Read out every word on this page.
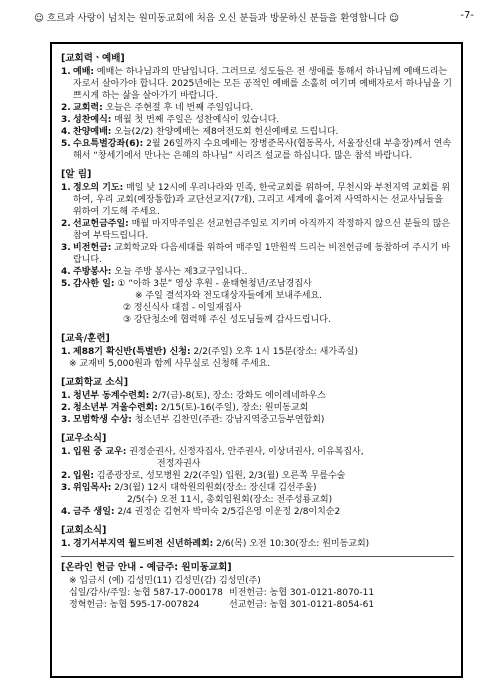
☺ 흐르과 사랑이 넘치는 원미동교회에 처음 오신 분들과 방문하신 분들을 환영합니다 ☺	-7-
[교회력ㆍ예배]
1. 예배: 예배는 하나님과의 만남입니다. 그러므로 성도들은 전 생애를 통해서 하나님께 예배드리는 자로서 살아가야 합니다. 2025년에는 모든 공적인 예배를 소홀히 여기며 예배자로서 하나님을 기쁘시게 하는 삶을 살아가기 바랍니다.
2. 교회력: 오늘은 주현절 후 네 번째 주일입니다.
3. 성찬예식: 매월 첫 번째 주일은 성찬예식이 있습니다.
4. 찬양예배: 오늘(2/2) 찬양예배는 제8여전도회 헌신예배로 드립니다.
5. 수요특별강좌(6): 2월 26일까지 수요예배는 장병준목사(협동목사, 서울장신대 부총장)께서 연속해서 “창세기에서 만나는 은혜의 하나님” 시리즈 설교를 하십니다. 많은 참석 바랍니다.
[알 림]
1. 정오의 기도: 매일 낮 12시에 우리나라와 민족, 한국교회를 위하여, 무천시와 부천지역 교회를 위하여, 우리 교회(예장통합)과 교단선교지(7개), 그리고 세계에 흩어져 사역하시는 선교사님들을 위하여 기도해 주세요.
2. 선교헌금주일: 매월 마지막주일은 선교헌금주일로 지키며 아직까지 작정하지 않으신 분들의 많은 참여 부탁드립니다.
3. 비전헌금: 교회학교와 다음세대를 위하여 매주일 1만원씩 드리는 비전헌금에 동참하여 주시기 바랍니다.
4. 주방봉사: 오늘 주방 봉사는 제3교구입니다..
5. 감사한 일: ① “아하 3분” 영상 후원 - 윤태현청년/조남경집사
※ 주일 결석자와 전도대상자들에게 보내주세요.
② 정신식사 대접 - 이일재집사
③ 강단청소에 협력해 주신 성도님들께 감사드립니다.
[교육/훈련]
1. 제88기 확신반(특별반) 신청: 2/2(주일) 오후 1시 15분(장소: 새가족실)
※ 교재비 5,000원과 함께 사무실로 신청해 주세요.
[교회학교 소식]
1. 청년부 동계수련회: 2/7(금)-8(토), 장소: 강화도 에이레네하우스
2. 청소년부 겨울수련회: 2/15(토)-16(주일), 장소: 원미동교회
3. 모범학생 수상: 청소년부 김찬민(주관: 강남지역중고등부연합회)
[교우소식]
1. 입원 중 교우: 권정순권사, 신정자집사, 안주권사, 이상녀권사, 이유복집사,
전정자권사
2. 입원: 김종광장로, 성모병원 2/2(주일) 입원, 2/3(월) 오른쪽 무릎수술
3. 위임목사: 2/3(월) 12시 대학원의원회(장소: 장신대 김선주울)
2/5(수) 오전 11시, 총회임원회(장소: 전주성룡교회)
4. 금주 생일: 2/4 권정순 김현자 박미숙 2/5김은영 이운정 2/8이치순2
[교회소식]
1. 경기서부지역 월드비전 신년하례회: 2/6(목) 오전 10:30(장소: 원미동교회)
[온라인 헌금 안내 - 예금주: 원미동교회]
※ 입금시 (예) 김성민(11) 김성민(감) 김성민(주)
십일/감사/주일: 농협 587-17-000178 비전헌금: 농협 301-0121-8070-11
정혁헌금: 농협 595-17-007824	선교헌금: 농협 301-0121-8054-61
